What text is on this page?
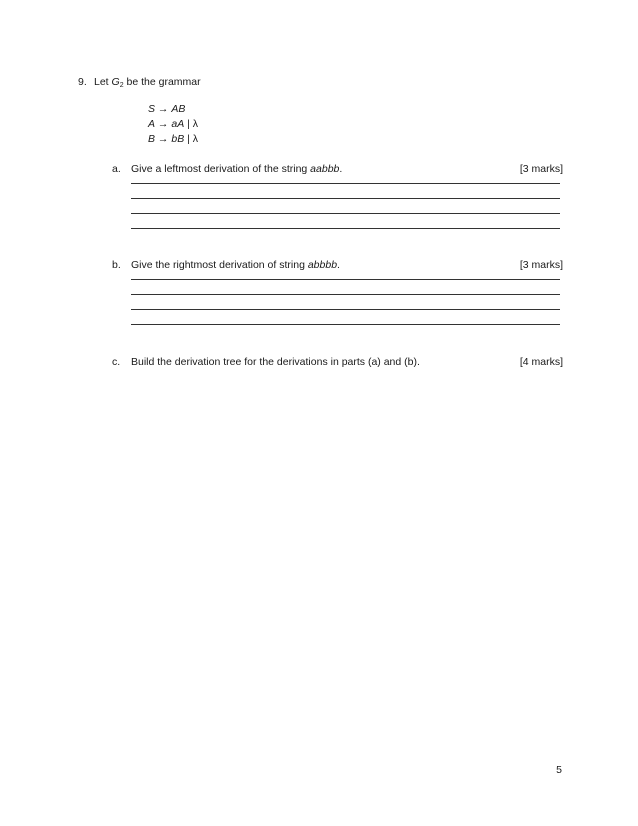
9. Let $G_2$ be the grammar
S → AB
A → aA | λ
B → bB | λ
a. Give a leftmost derivation of the string aabbb.	[3 marks]
b. Give the rightmost derivation of string abbbb.	[3 marks]
c. Build the derivation tree for the derivations in parts (a) and (b).	[4 marks]
5
